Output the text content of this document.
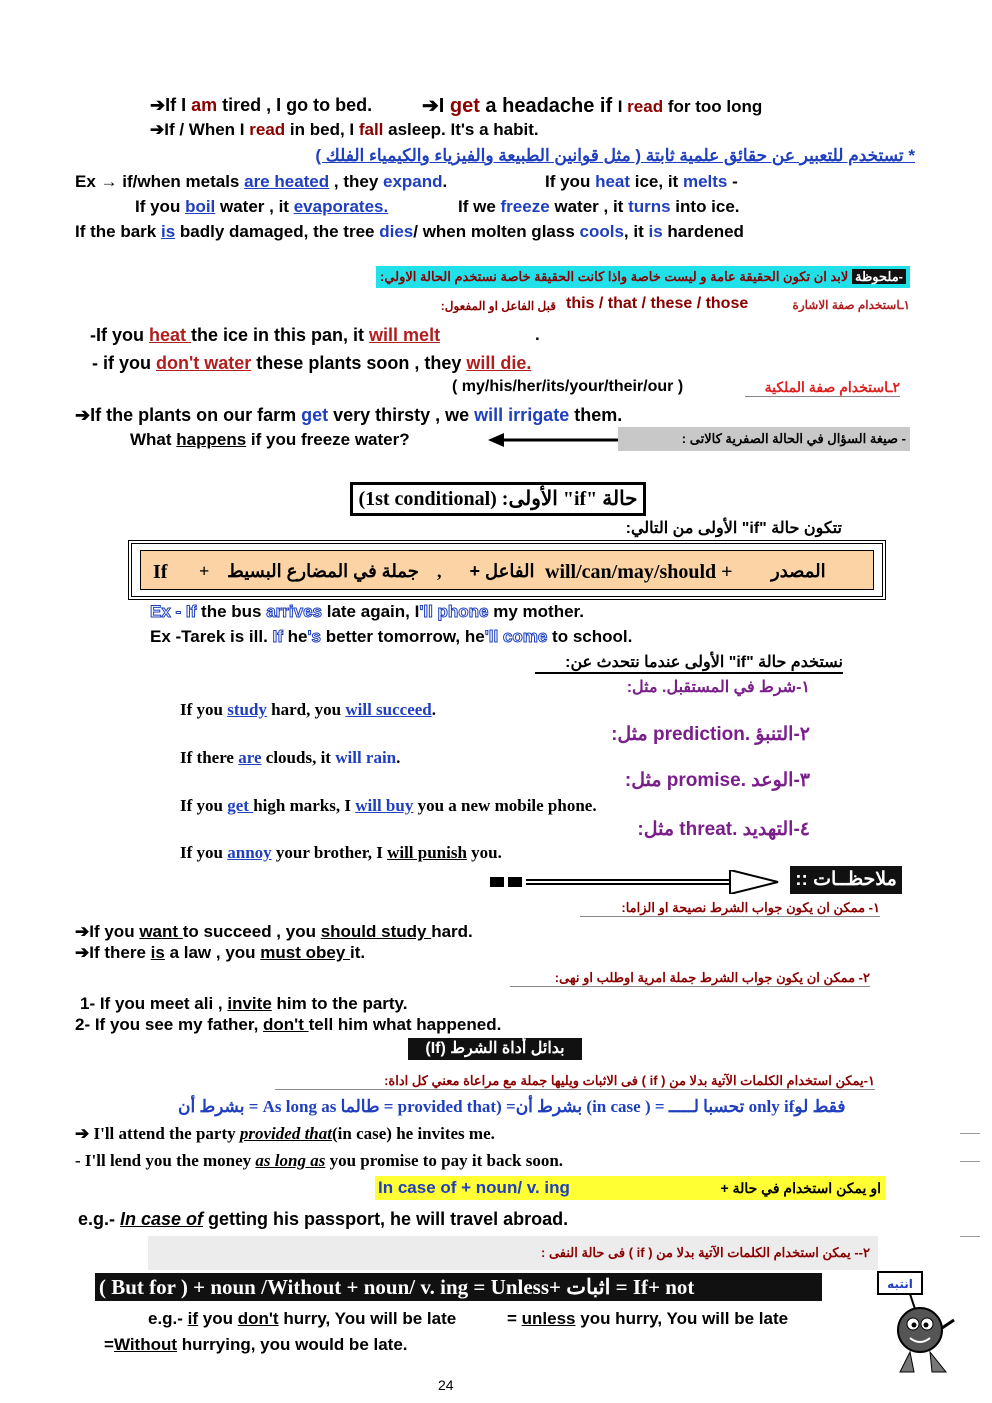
➔If I am tired , I go to bed. ➔I get a headache if I read for too long
➔If / When I read in bed, I fall asleep. It's a habit.
* تستخدم للتعبير عن حقائق علمية ثابتة ( مثل قوانين الطبيعة والفيزياء والكيمياء الفلك )
Ex → if/when metals are heated , they expand.	If you heat ice, it melts -
If you boil water , it evaporates.	If we freeze water , it turns into ice.
If the bark is badly damaged, the tree dies/ when molten glass cools, it is hardened
-ملحوظة لابد ان تكون الحقيقة عامة و ليست خاصة واذا كانت الحقيقة خاصة نستخدم الحالة الاولي:
١ـاستخدام صفة الاشارة
this / that / these / those
قبل الفاعل او المفعول:
-If you heat the ice in this pan, it will melt	.
- if you don't water these plants soon , they will die.
( my/his/her/its/your/their/our )	٢ـاستخدام صفة الملكية
➔If the plants on our farm get very thirsty , we will irrigate them.
What happens if you freeze water?	- صيغة السؤال في الحالة الصفرية كالاتى :
حالة "if" الأولى: (1st conditional)
تتكون حالة "if" الأولى من التالي:
If + جملة في المضارع البسيط ,	الفاعل + will/can/may/should + المصدر
Ex - If the bus arrives late again, I'll phone my mother.
Ex -Tarek is ill. If he's better tomorrow, he'll come to school.
نستخدم حالة "if" الأولى عندما نتحدث عن:
١-شرط في المستقبل. مثل:
If you study hard, you will succeed.
٢-التنبؤ .prediction مثل:
If there are clouds, it will rain.
٣-الوعد .promise مثل:
If you get high marks, I will buy you a new mobile phone.
٤-التهديد .threat مثل:
If you annoy your brother, I will punish you.
ملاحظــات ::
١- ممكن ان يكون جواب الشرط نصيحة او الزاما:
➔If you want to succeed , you should study hard.
➔If there is a law , you must obey it.
٢- ممكن ان يكون جواب الشرط جملة امرية اوطلب او نهى:
1- If you meet ali , invite him to the party.
2- If you see my father, don't tell him what happened.
بدائل أداة الشرط (If)
١-يمكن استخدام الكلمات الآتية بدلا من ( if ) فى الاثبات ويليها جملة مع مراعاة معني كل اداة:
بشرط أن = As long as طالما = provided that) =بشرط أن (in case ) = تحسبا لـــــ only ifفقط لو
➔ I'll attend the party provided that(in case) he invites me.
- I'll lend you the money as long as you promise to pay it back soon.
In case of + noun/ v. ing	او يمكن استخدام في حالة +
e.g.- In case of getting his passport, he will travel abroad.
٢-- يمكن استخدام الكلمات الآتية بدلا من ( if ) فى حالة النفى :
( But for ) + noun /Without + noun/ v. ing = Unless+ اثبات = If+ not
e.g.- if you don't hurry, You will be late	= unless you hurry, You will be late
=Without hurrying, you would be late.
انتبه
24
